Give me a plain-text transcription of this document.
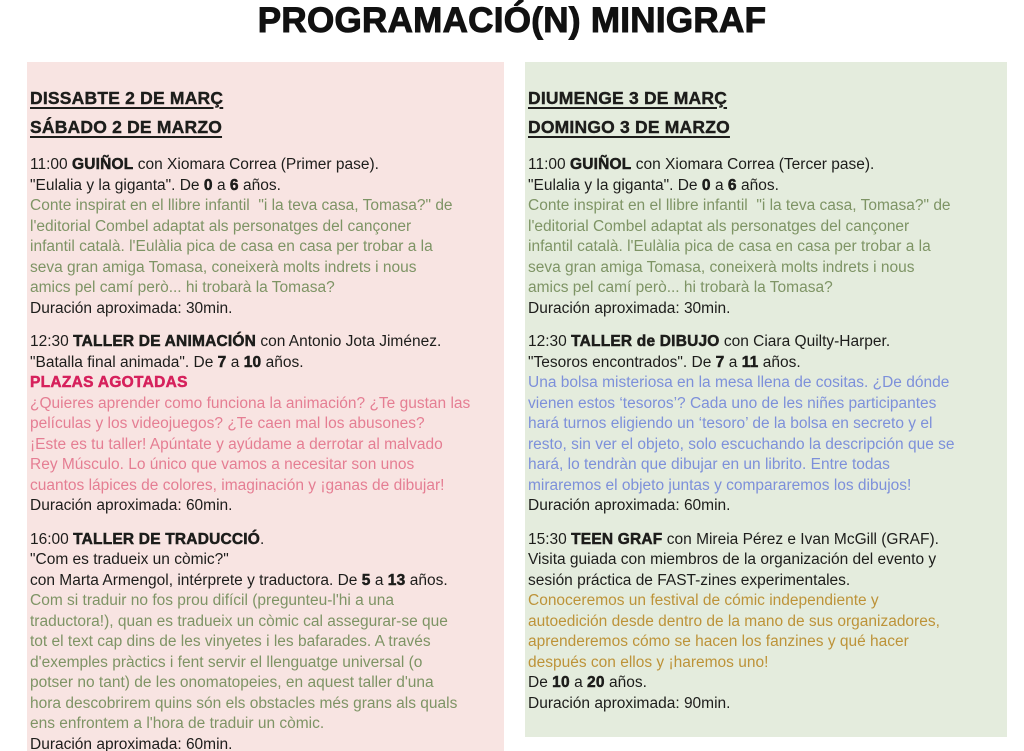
PROGRAMACIÓ(N) MINIGRAF
DISSABTE 2 DE MARÇ
SÁBADO 2 DE MARZO
11:00 GUIÑOL con Xiomara Correa (Primer pase).
"Eulalia y la giganta". De 0 a 6 años.
Conte inspirat en el llibre infantil  "i la teva casa, Tomasa?" de
l'editorial Combel adaptat als personatges del cançoner
infantil català. l'Eulàlia pica de casa en casa per trobar a la
seva gran amiga Tomasa, coneixerà molts indrets i nous
amics pel camí però... hi trobarà la Tomasa?
Duración aproximada: 30min.
12:30 TALLER DE ANIMACIÓN con Antonio Jota Jiménez.
"Batalla final animada". De 7 a 10 años.
PLAZAS AGOTADAS
¿Quieres aprender como funciona la animación? ¿Te gustan las
películas y los videojuegos? ¿Te caen mal los abusones?
¡Este es tu taller! Apúntate y ayúdame a derrotar al malvado
Rey Músculo. Lo único que vamos a necesitar son unos
cuantos lápices de colores, imaginación y ¡ganas de dibujar!
Duración aproximada: 60min.
16:00 TALLER DE TRADUCCIÓ.
"Com es tradueix un còmic?"
con Marta Armengol, intérprete y traductora. De 5 a 13 años.
Com si traduir no fos prou difícil (pregunteu-l'hi a una
traductora!), quan es tradueix un còmic cal assegurar-se que
tot el text cap dins de les vinyetes i les bafarades. A través
d'exemples pràctics i fent servir el llenguatge universal (o
potser no tant) de les onomatopeies, en aquest taller d'una
hora descobrirem quins són els obstacles més grans als quals
ens enfrontem a l'hora de traduir un còmic.
Duración aproximada: 60min.
DIUMENGE 3 DE MARÇ
DOMINGO 3 DE MARZO
11:00 GUIÑOL con Xiomara Correa (Tercer pase).
"Eulalia y la giganta". De 0 a 6 años.
Conte inspirat en el llibre infantil  "i la teva casa, Tomasa?" de
l'editorial Combel adaptat als personatges del cançoner
infantil català. l'Eulàlia pica de casa en casa per trobar a la
seva gran amiga Tomasa, coneixerà molts indrets i nous
amics pel camí però... hi trobarà la Tomasa?
Duración aproximada: 30min.
12:30 TALLER de DIBUJO con Ciara Quilty-Harper.
"Tesoros encontrados". De 7 a 11 años.
Una bolsa misteriosa en la mesa llena de cositas. ¿De dónde
vienen estos ‘tesoros’? Cada uno de les niñes participantes
hará turnos eligiendo un ‘tesoro’ de la bolsa en secreto y el
resto, sin ver el objeto, solo escuchando la descripción que se
hará, lo tendràn que dibujar en un librito. Entre todas
miraremos el objeto juntas y compararemos los dibujos!
Duración aproximada: 60min.
15:30 TEEN GRAF con Mireia Pérez e Ivan McGill (GRAF).
Visita guiada con miembros de la organización del evento y
sesión práctica de FAST-zines experimentales.
Conoceremos un festival de cómic independiente y
autoedición desde dentro de la mano de sus organizadores,
aprenderemos cómo se hacen los fanzines y qué hacer
después con ellos y ¡haremos uno!
De 10 a 20 años.
Duración aproximada: 90min.
